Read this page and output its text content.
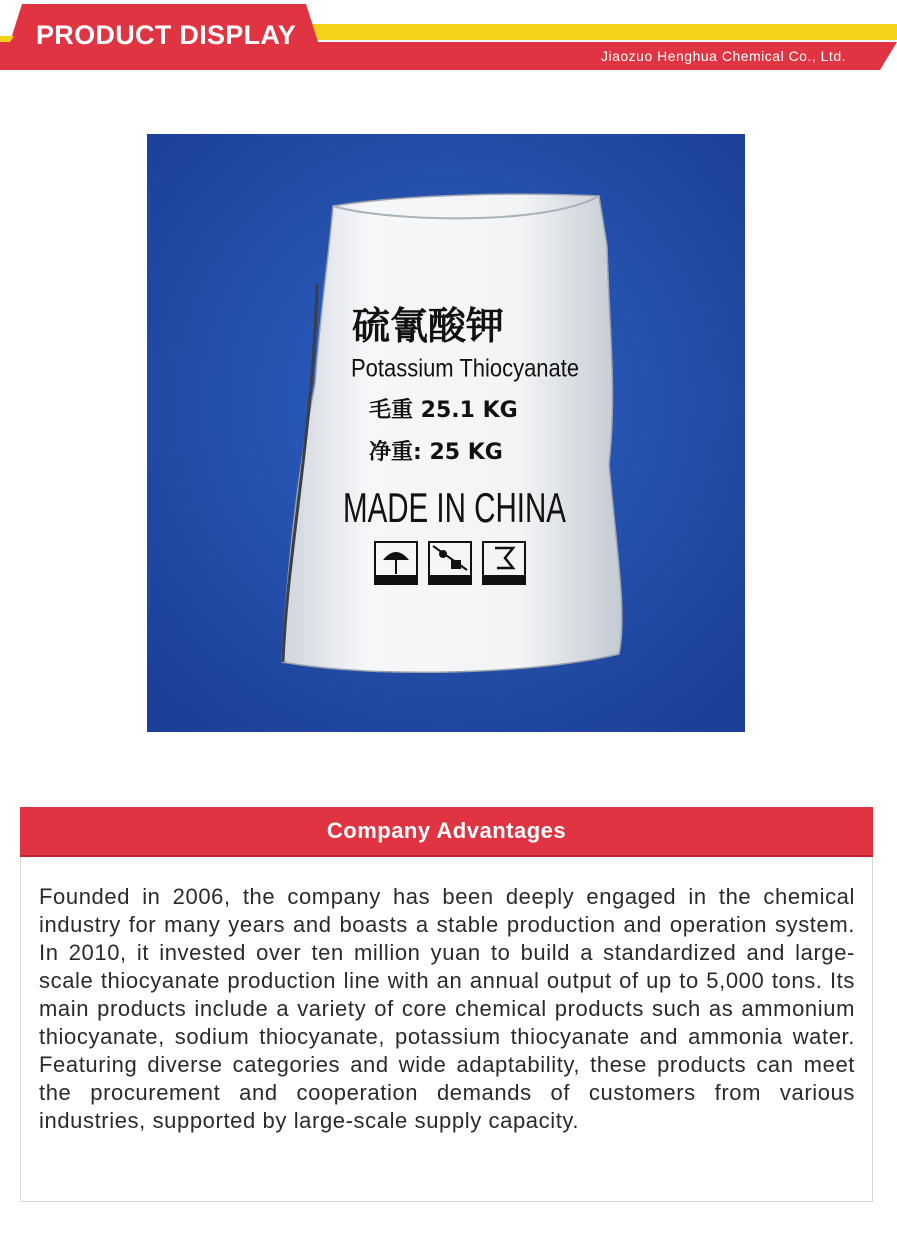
PRODUCT DISPLAY
Jiaozuo Henghua Chemical Co., Ltd.
硫氰酸钾
Potassium Thiocyanate
毛重 25.1 KG
净重: 25 KG
MADE IN CHINA
Company Advantages

Founded in 2006, the company has been deeply engaged in the chemical industry for many years and boasts a stable production and operation system. In 2010, it invested over ten million yuan to build a standardized and large-scale thiocyanate production line with an annual output of up to 5,000 tons. Its main products include a variety of core chemical products such as ammonium thiocyanate, sodium thiocyanate, potassium thiocyanate and ammonia water. Featuring diverse categories and wide adaptability, these products can meet the procurement and cooperation demands of customers from various industries, supported by large-scale supply capacity.
